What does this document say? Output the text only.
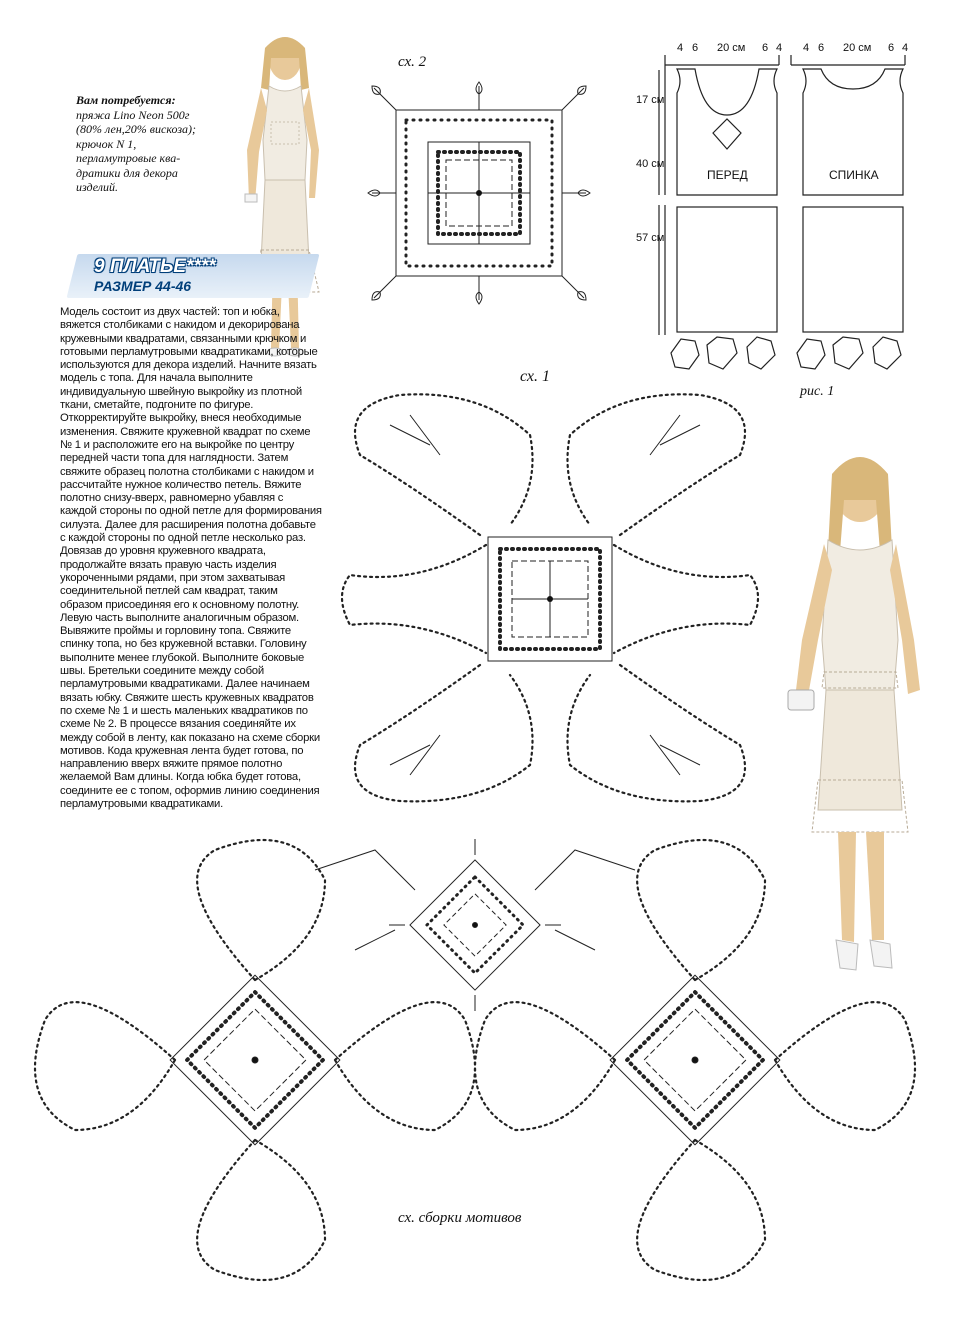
Вам потребуется:
пряжа Lino Neon 500г
(80% лен,20% вискоза);
крючок N 1,
перламутровые ква-
дратики для декора
изделий.
9 ПЛАТЬЕ****
РАЗМЕР 44-46
Модель состоит из двух частей: топ и юбка, вяжется столбиками с накидом и декорирована кружевными квадратами, связанными крючком и готовыми перламутровыми квадратиками, которые используются для декора изделий. Начните вязать модель с топа. Для начала выполните индивидуальную швейную выкройку из плотной ткани, сметайте, подгоните по фигуре. Откорректируйте выкройку, внеся необходимые изменения. Свяжите кружевной квадрат по схеме № 1 и расположите его на выкройке по центру передней части топа для наглядности. Затем свяжите образец полотна столбиками с накидом и рассчитайте нужное количество петель. Вяжите полотно снизу-вверх, равномерно убавляя с каждой стороны по одной петле для формирования силуэта. Далее для расширения полотна добавьте с каждой стороны по одной петле несколько раз. Довязав до уровня кружевного квадрата, продолжайте вязать правую часть изделия укороченными рядами, при этом захватывая соединительной петлей сам квадрат, таким образом присоединяя его к основному полотну. Левую часть выполните аналогичным образом. Вывяжите проймы и горловину топа. Свяжите спинку топа, но без кружевной вставки. Головину выполните менее глубокой. Выполните боковые швы. Бретельки соедините между собой перламутровыми квадратиками. Далее начинаем вязать юбку. Свяжите шесть кружевных квадратов по схеме № 1 и шесть маленьких квадратиков по схеме № 2. В процессе вязания соединяйте их между собой в ленту, как показано на схеме сборки мотивов. Кода кружевная лента будет готова, по направлению вверх вяжите прямое полотно желаемой Вам длины. Когда юбка будет готова, соедините ее с топом, оформив линию соединения перламутровыми квадратиками.
сх. 2
4 6 20 см 6 4 4 6 20 см 6 4
17 см
40 см
57 см
ПЕРЕД	СПИНКА
рис. 1
сх. 1
сх. сборки мотивов
